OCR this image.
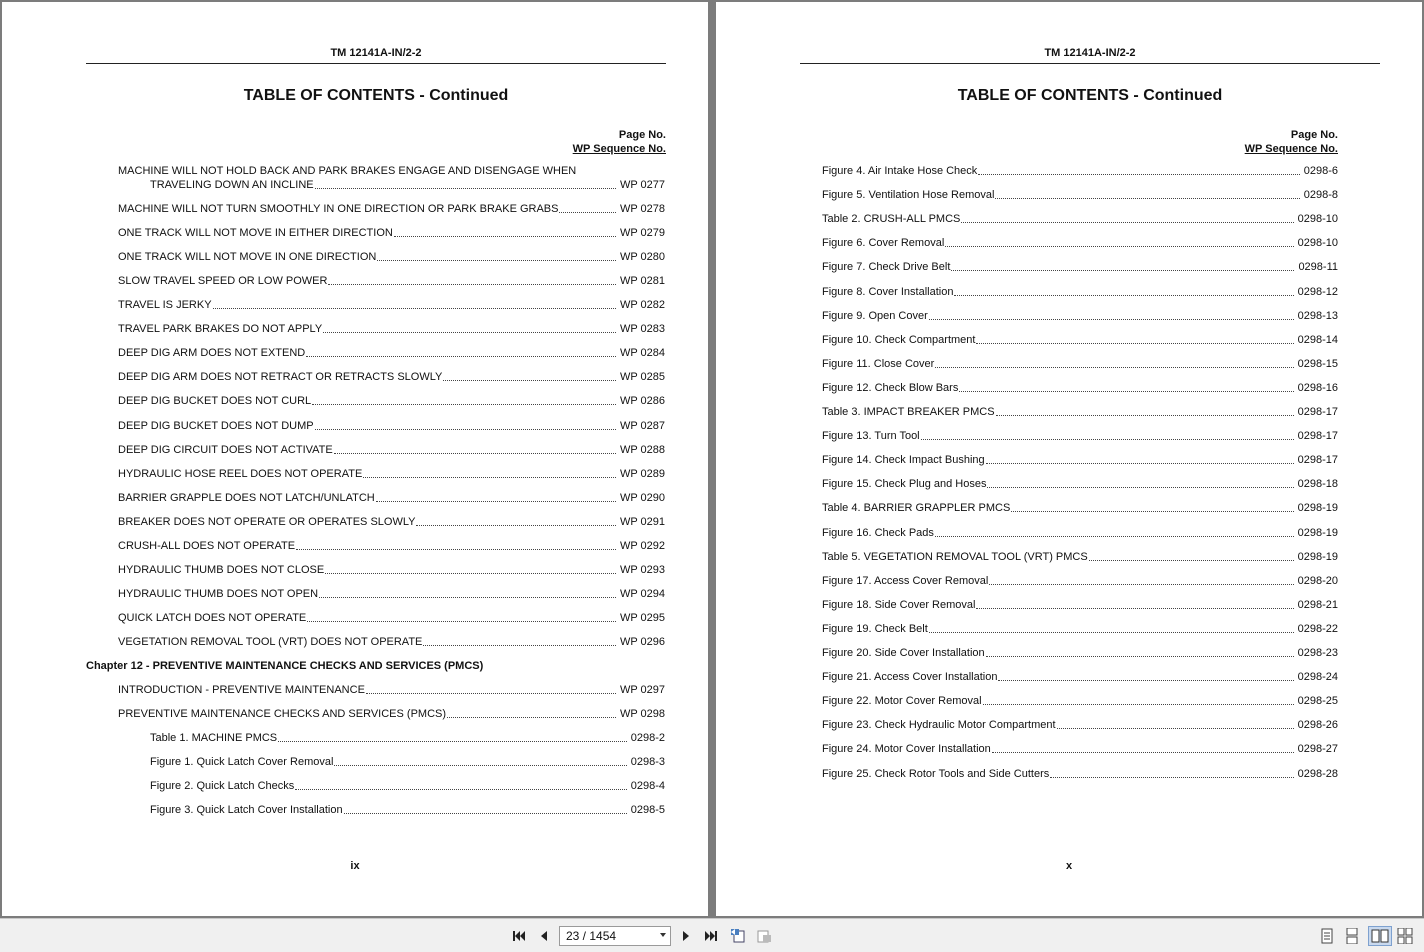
TM 12141A-IN/2-2
TABLE OF CONTENTS - Continued
Page No.
WP Sequence No.
MACHINE WILL NOT HOLD BACK AND PARK BRAKES ENGAGE AND DISENGAGE WHEN
TRAVELING DOWN AN INCLINE	WP 0277
MACHINE WILL NOT TURN SMOOTHLY IN ONE DIRECTION OR PARK BRAKE GRABS	WP 0278
ONE TRACK WILL NOT MOVE IN EITHER DIRECTION	WP 0279
ONE TRACK WILL NOT MOVE IN ONE DIRECTION	WP 0280
SLOW TRAVEL SPEED OR LOW POWER	WP 0281
TRAVEL IS JERKY	WP 0282
TRAVEL PARK BRAKES DO NOT APPLY	WP 0283
DEEP DIG ARM DOES NOT EXTEND	WP 0284
DEEP DIG ARM DOES NOT RETRACT OR RETRACTS SLOWLY	WP 0285
DEEP DIG BUCKET DOES NOT CURL	WP 0286
DEEP DIG BUCKET DOES NOT DUMP	WP 0287
DEEP DIG CIRCUIT DOES NOT ACTIVATE	WP 0288
HYDRAULIC HOSE REEL DOES NOT OPERATE	WP 0289
BARRIER GRAPPLE DOES NOT LATCH/UNLATCH	WP 0290
BREAKER DOES NOT OPERATE OR OPERATES SLOWLY	WP 0291
CRUSH-ALL DOES NOT OPERATE	WP 0292
HYDRAULIC THUMB DOES NOT CLOSE	WP 0293
HYDRAULIC THUMB DOES NOT OPEN	WP 0294
QUICK LATCH DOES NOT OPERATE	WP 0295
VEGETATION REMOVAL TOOL (VRT) DOES NOT OPERATE	WP 0296
Chapter 12 - PREVENTIVE MAINTENANCE CHECKS AND SERVICES (PMCS)
INTRODUCTION - PREVENTIVE MAINTENANCE	WP 0297
PREVENTIVE MAINTENANCE CHECKS AND SERVICES (PMCS)	WP 0298
Table 1. MACHINE PMCS	0298-2
Figure 1. Quick Latch Cover Removal	0298-3
Figure 2. Quick Latch Checks	0298-4
Figure 3. Quick Latch Cover Installation	0298-5
ix
TM 12141A-IN/2-2
TABLE OF CONTENTS - Continued
Page No.
WP Sequence No.
Figure 4. Air Intake Hose Check	0298-6
Figure 5. Ventilation Hose Removal	0298-8
Table 2. CRUSH-ALL PMCS	0298-10
Figure 6. Cover Removal	0298-10
Figure 7. Check Drive Belt	0298-11
Figure 8. Cover Installation	0298-12
Figure 9. Open Cover	0298-13
Figure 10. Check Compartment	0298-14
Figure 11. Close Cover	0298-15
Figure 12. Check Blow Bars	0298-16
Table 3. IMPACT BREAKER PMCS	0298-17
Figure 13. Turn Tool	0298-17
Figure 14. Check Impact Bushing	0298-17
Figure 15. Check Plug and Hoses	0298-18
Table 4. BARRIER GRAPPLER PMCS	0298-19
Figure 16. Check Pads	0298-19
Table 5. VEGETATION REMOVAL TOOL (VRT) PMCS	0298-19
Figure 17. Access Cover Removal	0298-20
Figure 18. Side Cover Removal	0298-21
Figure 19. Check Belt	0298-22
Figure 20. Side Cover Installation	0298-23
Figure 21. Access Cover Installation	0298-24
Figure 22. Motor Cover Removal	0298-25
Figure 23. Check Hydraulic Motor Compartment	0298-26
Figure 24. Motor Cover Installation	0298-27
Figure 25. Check Rotor Tools and Side Cutters	0298-28
x
23 / 1454
